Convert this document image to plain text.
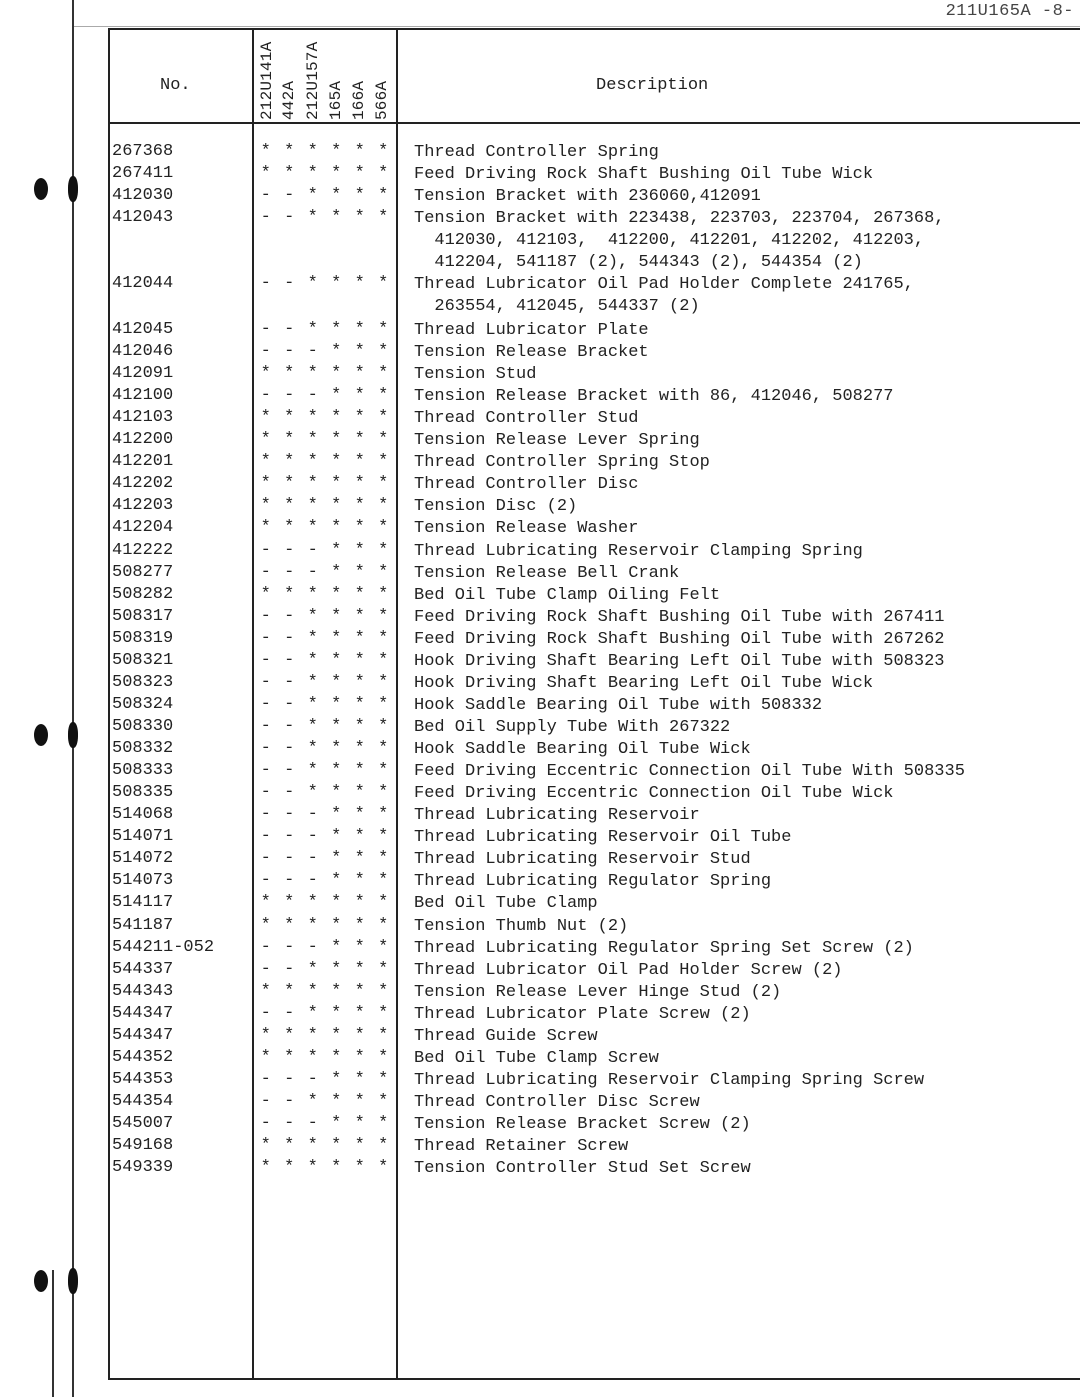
211U165A -8-
No.	Description
212U141A 442A 212U157A 165A 166A 566A
267368	* * * * * *	Thread Controller Spring
267411	* * * * * *	Feed Driving Rock Shaft Bushing Oil Tube Wick
412030	- - * * * *	Tension Bracket with 236060,412091
412043	- - * * * *	Tension Bracket with 223438, 223703, 223704, 267368,
412030, 412103,  412200, 412201, 412202, 412203,
412204, 541187 (2), 544343 (2), 544354 (2)
412044	- - * * * *	Thread Lubricator Oil Pad Holder Complete 241765,
263554, 412045, 544337 (2)
412045	- - * * * *	Thread Lubricator Plate
412046	- - - * * *	Tension Release Bracket
412091	* * * * * *	Tension Stud
412100	- - - * * *	Tension Release Bracket with 86, 412046, 508277
412103	* * * * * *	Thread Controller Stud
412200	* * * * * *	Tension Release Lever Spring
412201	* * * * * *	Thread Controller Spring Stop
412202	* * * * * *	Thread Controller Disc
412203	* * * * * *	Tension Disc (2)
412204	* * * * * *	Tension Release Washer
412222	- - - * * *	Thread Lubricating Reservoir Clamping Spring
508277	- - - * * *	Tension Release Bell Crank
508282	* * * * * *	Bed Oil Tube Clamp Oiling Felt
508317	- - * * * *	Feed Driving Rock Shaft Bushing Oil Tube with 267411
508319	- - * * * *	Feed Driving Rock Shaft Bushing Oil Tube with 267262
508321	- - * * * *	Hook Driving Shaft Bearing Left Oil Tube with 508323
508323	- - * * * *	Hook Driving Shaft Bearing Left Oil Tube Wick
508324	- - * * * *	Hook Saddle Bearing Oil Tube with 508332
508330	- - * * * *	Bed Oil Supply Tube With 267322
508332	- - * * * *	Hook Saddle Bearing Oil Tube Wick
508333	- - * * * *	Feed Driving Eccentric Connection Oil Tube With 508335
508335	- - * * * *	Feed Driving Eccentric Connection Oil Tube Wick
514068	- - - * * *	Thread Lubricating Reservoir
514071	- - - * * *	Thread Lubricating Reservoir Oil Tube
514072	- - - * * *	Thread Lubricating Reservoir Stud
514073	- - - * * *	Thread Lubricating Regulator Spring
514117	* * * * * *	Bed Oil Tube Clamp
541187	* * * * * *	Tension Thumb Nut (2)
544211-052	- - - * * *	Thread Lubricating Regulator Spring Set Screw (2)
544337	- - * * * *	Thread Lubricator Oil Pad Holder Screw (2)
544343	* * * * * *	Tension Release Lever Hinge Stud (2)
544347	- - * * * *	Thread Lubricator Plate Screw (2)
544347	* * * * * *	Thread Guide Screw
544352	* * * * * *	Bed Oil Tube Clamp Screw
544353	- - - * * *	Thread Lubricating Reservoir Clamping Spring Screw
544354	- - * * * *	Thread Controller Disc Screw
545007	- - - * * *	Tension Release Bracket Screw (2)
549168	* * * * * *	Thread Retainer Screw
549339	* * * * * *	Tension Controller Stud Set Screw
